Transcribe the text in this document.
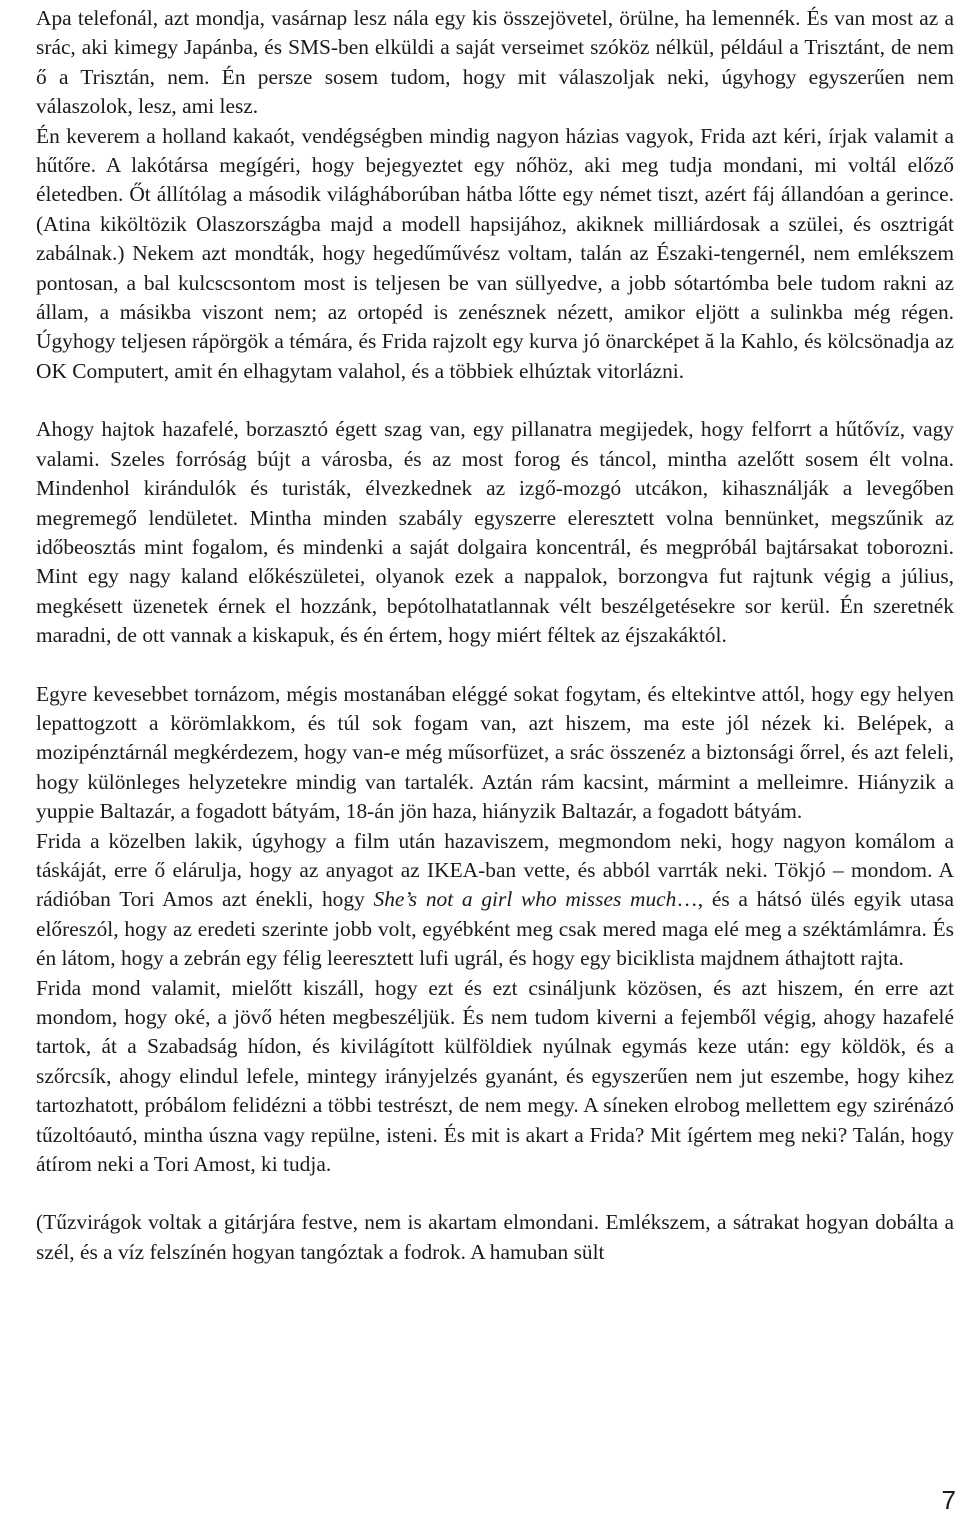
Apa telefonál, azt mondja, vasárnap lesz nála egy kis összejövetel, örülne, ha lemennék. És van most az a srác, aki kimegy Japánba, és SMS-ben elküldi a saját verseimet szóköz nélkül, például a Trisztánt, de nem ő a Trisztán, nem. Én persze sosem tudom, hogy mit válaszoljak neki, úgyhogy egyszerűen nem válaszolok, lesz, ami lesz.

Én keverem a holland kakaót, vendégségben mindig nagyon házias vagyok, Frida azt kéri, írjak valamit a hűtőre. A lakótársa megígéri, hogy bejegyeztet egy nőhöz, aki meg tudja mondani, mi voltál előző életedben. Őt állítólag a második világháborúban hátba lőtte egy német tiszt, azért fáj állandóan a gerince. (Atina kiköltözik Olaszországba majd a modell hapsijához, akiknek milliárdosak a szülei, és osztrigát zabálnak.) Nekem azt mondták, hogy hegedűművész voltam, talán az Északi-tengernél, nem emlékszem pontosan, a bal kulcscsontom most is teljesen be van süllyedve, a jobb sótartómba bele tudom rakni az állam, a másikba viszont nem; az ortopéd is zenésznek nézett, amikor eljött a sulinkba még régen. Úgyhogy teljesen rápörgök a témára, és Frida rajzolt egy kurva jó önarcképet ă la Kahlo, és kölcsönadja az OK Computert, amit én elhagytam valahol, és a többiek elhúztak vitorlázni.

Ahogy hajtok hazafelé, borzasztó égett szag van, egy pillanatra megijedek, hogy felforrt a hűtővíz, vagy valami. Szeles forróság bújt a városba, és az most forog és táncol, mintha azelőtt sosem élt volna. Mindenhol kirándulók és turisták, élvezkednek az izgő-mozgó utcákon, kihasználják a levegőben megremegő lendületet. Mintha minden szabály egyszerre eleresztett volna bennünket, megszűnik az időbeosztás mint fogalom, és mindenki a saját dolgaira koncentrál, és megpróbál bajtársakat toborozni. Mint egy nagy kaland előkészületei, olyanok ezek a nappalok, borzongva fut rajtunk végig a július, megkésett üzenetek érnek el hozzánk, bepótolhatatlannak vélt beszélgetésekre sor kerül. Én szeretnék maradni, de ott vannak a kiskapuk, és én értem, hogy miért féltek az éjszakáktól.

Egyre kevesebbet tornázom, mégis mostanában eléggé sokat fogytam, és eltekintve attól, hogy egy helyen lepattogzott a körömlakkom, és túl sok fogam van, azt hiszem, ma este jól nézek ki. Belépek, a mozipénztárnál megkérdezem, hogy van-e még műsorfüzet, a srác összenéz a biztonsági őrrel, és azt feleli, hogy különleges helyzetekre mindig van tartalék. Aztán rám kacsint, mármint a melleimre. Hiányzik a yuppie Baltazár, a fogadott bátyám, 18-án jön haza, hiányzik Baltazár, a fogadott bátyám.

Frida a közelben lakik, úgyhogy a film után hazaviszem, megmondom neki, hogy nagyon komálom a táskáját, erre ő elárulja, hogy az anyagot az IKEA-ban vette, és abból varrták neki. Tökjó – mondom. A rádióban Tori Amos azt énekli, hogy She’s not a girl who misses much…, és a hátsó ülés egyik utasa előreszól, hogy az eredeti szerinte jobb volt, egyébként meg csak mered maga elé meg a széktámlámra. És én látom, hogy a zebrán egy félig leeresztett lufi ugrál, és hogy egy biciklista majdnem áthajtott rajta.

Frida mond valamit, mielőtt kiszáll, hogy ezt és ezt csináljunk közösen, és azt hiszem, én erre azt mondom, hogy oké, a jövő héten megbeszéljük. És nem tudom kiverni a fejemből végig, ahogy hazafelé tartok, át a Szabadság hídon, és kivilágított külföldiek nyúlnak egymás keze után: egy köldök, és a szőrcsík, ahogy elindul lefele, mintegy irányjelzés gyanánt, és egyszerűen nem jut eszembe, hogy kihez tartozhatott, próbálom felidézni a többi testrészt, de nem megy. A síneken elrobog mellettem egy szirénázó tűzoltóautó, mintha úszna vagy repülne, isteni. És mit is akart a Frida? Mit ígértem meg neki? Talán, hogy átírom neki a Tori Amost, ki tudja.

(Tűzvirágok voltak a gitárjára festve, nem is akartam elmondani. Emlékszem, a sátrakat hogyan dobálta a szél, és a víz felszínén hogyan tangóztak a fodrok. A hamuban sült

7
